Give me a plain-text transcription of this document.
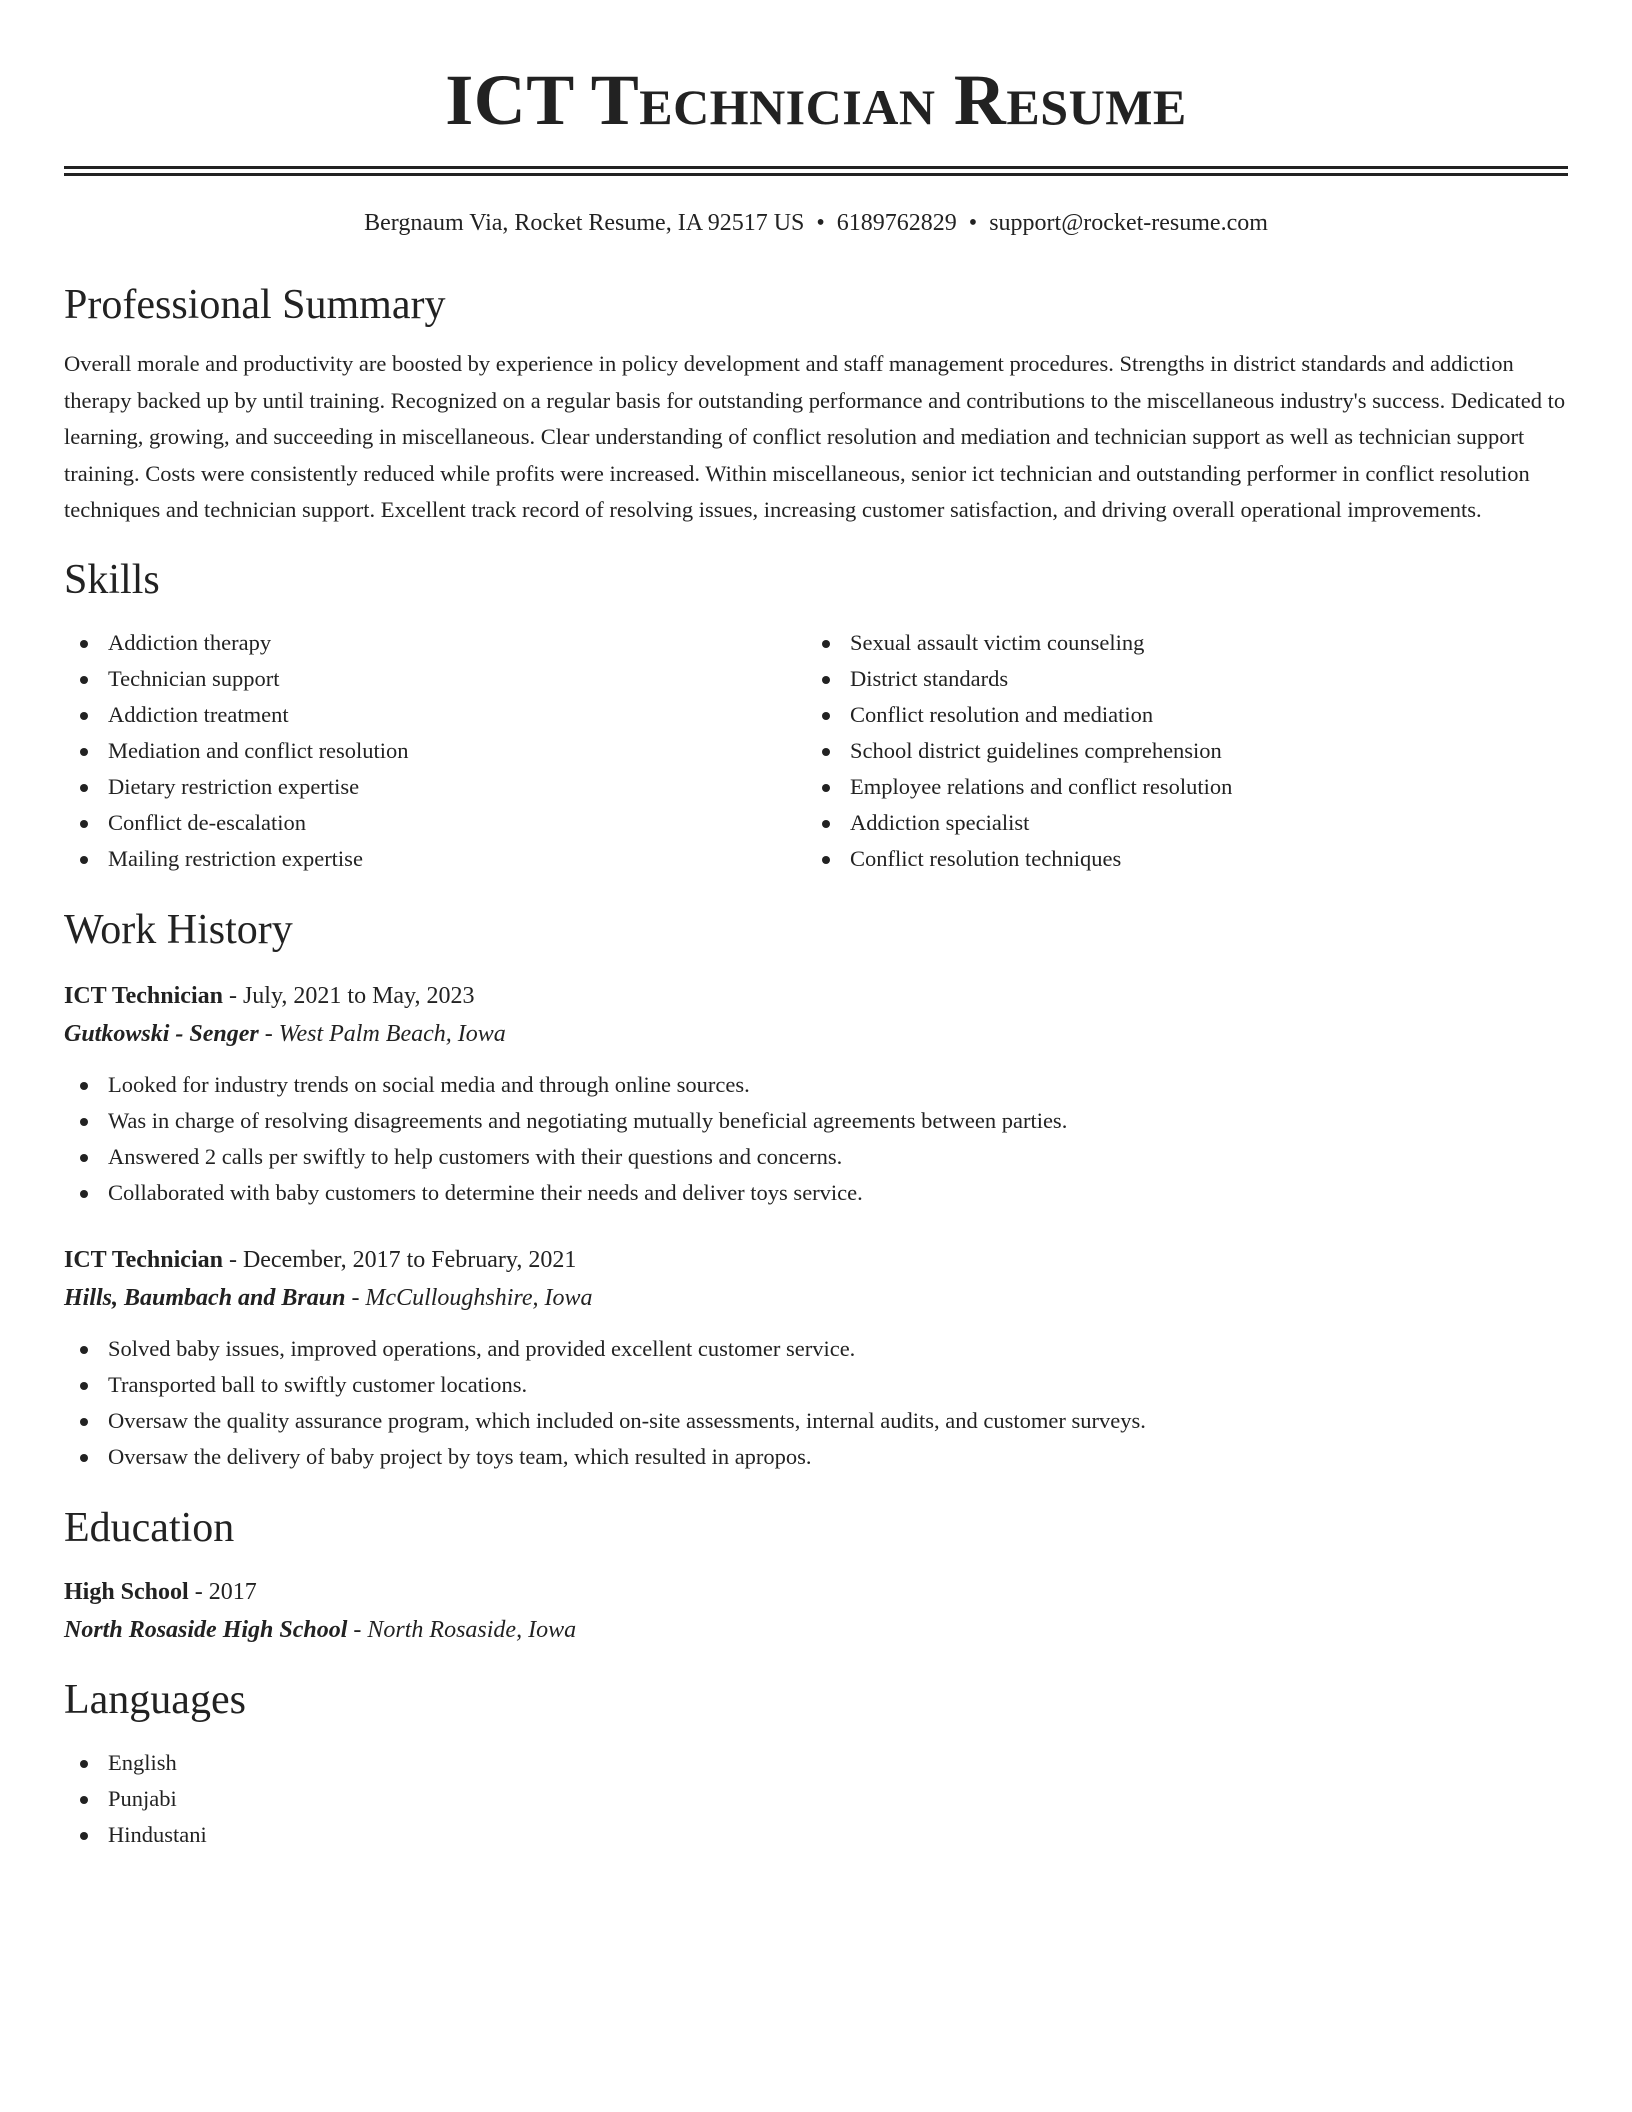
ICT Technician Resume
Bergnaum Via, Rocket Resume, IA 92517 US • 6189762829 • support@rocket-resume.com
Professional Summary

Overall morale and productivity are boosted by experience in policy development and staff management procedures. Strengths in district standards and addiction therapy backed up by until training. Recognized on a regular basis for outstanding performance and contributions to the miscellaneous industry's success. Dedicated to learning, growing, and succeeding in miscellaneous. Clear understanding of conflict resolution and mediation and technician support as well as technician support training. Costs were consistently reduced while profits were increased. Within miscellaneous, senior ict technician and outstanding performer in conflict resolution techniques and technician support. Excellent track record of resolving issues, increasing customer satisfaction, and driving overall operational improvements.

Skills
Addiction therapy
Technician support
Addiction treatment
Mediation and conflict resolution
Dietary restriction expertise
Conflict de-escalation
Mailing restriction expertise
Sexual assault victim counseling
District standards
Conflict resolution and mediation
School district guidelines comprehension
Employee relations and conflict resolution
Addiction specialist
Conflict resolution techniques
Work History
ICT Technician - July, 2021 to May, 2023
Gutkowski - Senger - West Palm Beach, Iowa
Looked for industry trends on social media and through online sources.
Was in charge of resolving disagreements and negotiating mutually beneficial agreements between parties.
Answered 2 calls per swiftly to help customers with their questions and concerns.
Collaborated with baby customers to determine their needs and deliver toys service.
ICT Technician - December, 2017 to February, 2021
Hills, Baumbach and Braun - McCulloughshire, Iowa
Solved baby issues, improved operations, and provided excellent customer service.
Transported ball to swiftly customer locations.
Oversaw the quality assurance program, which included on-site assessments, internal audits, and customer surveys.
Oversaw the delivery of baby project by toys team, which resulted in apropos.
Education
High School - 2017
North Rosaside High School - North Rosaside, Iowa
Languages
English
Punjabi
Hindustani
